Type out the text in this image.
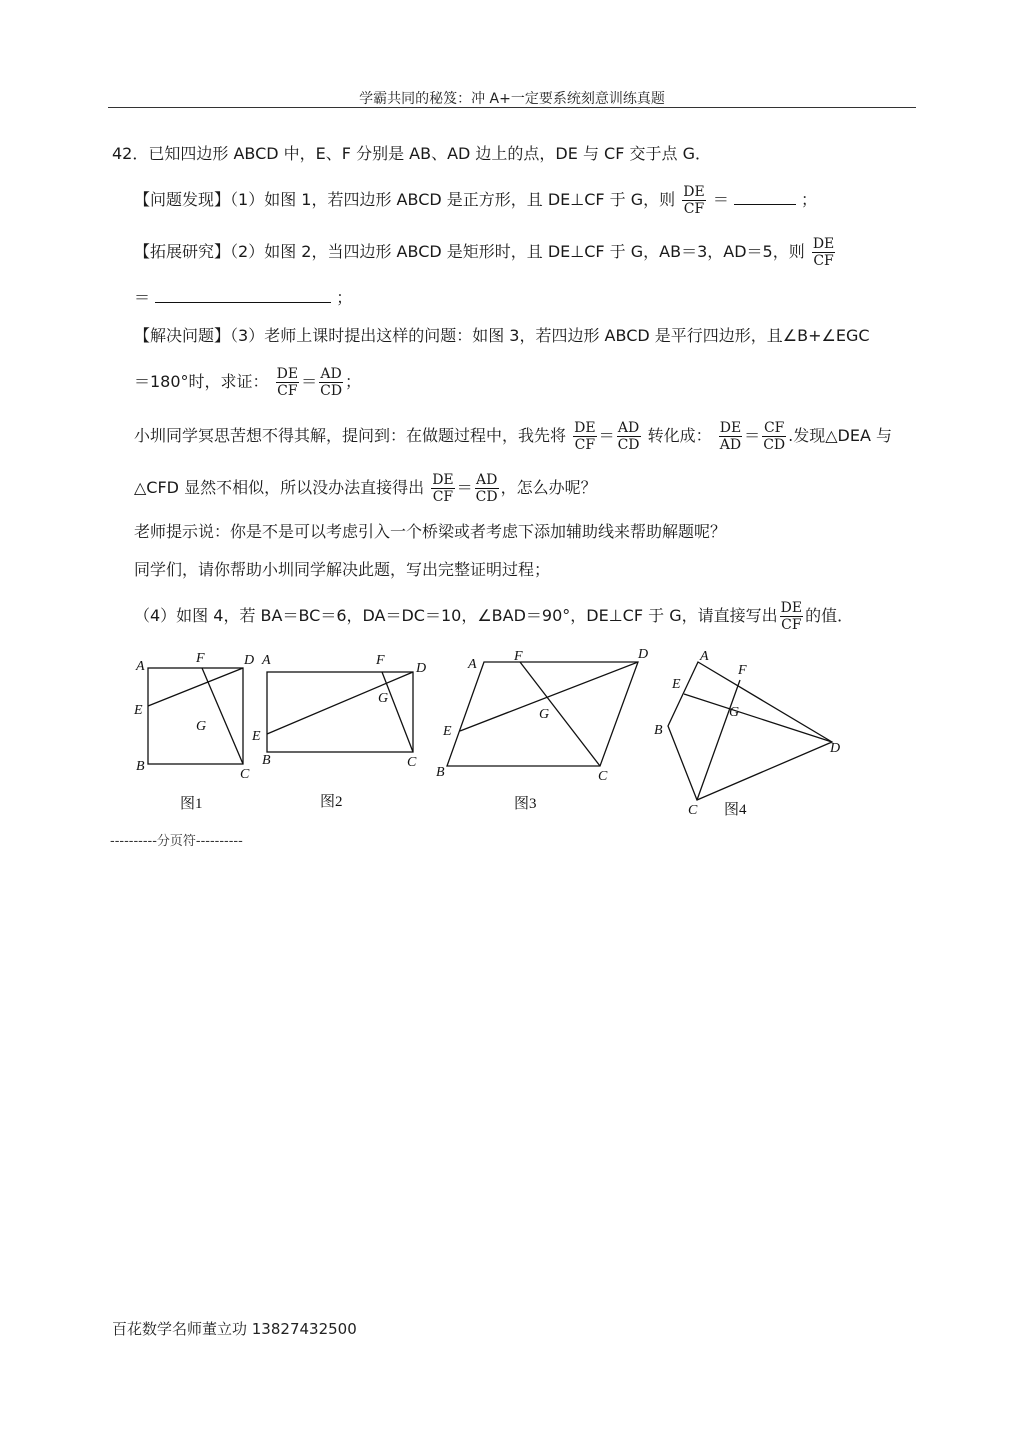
学霸共同的秘笈：冲 A+一定要系统刻意训练真题
42．已知四边形 ABCD 中，E、F 分别是 AB、AD 边上的点，DE 与 CF 交于点 G．
【问题发现】（1）如图 1，若四边形 ABCD 是正方形，且 DE⊥CF 于 G，则 $\frac{DE}{CF}$ ＝	；
【拓展研究】（2）如图 2，当四边形 ABCD 是矩形时，且 DE⊥CF 于 G，AB＝3，AD＝5，则 $\frac{DE}{CF}$
＝	；
【解决问题】（3）老师上课时提出这样的问题：如图 3，若四边形 ABCD 是平行四边形，且∠B+∠EGC
＝180°时，求证： $\frac{DE}{CF} = \frac{AD}{CD}$ ；
小圳同学冥思苦想不得其解，提问到：在做题过程中，我先将 $\frac{DE}{CF} = \frac{AD}{CD}$ 转化成： $\frac{DE}{AD} = \frac{CF}{CD}$ .发现△DEA 与
△CFD 显然不相似，所以没办法直接得出 $\frac{DE}{CF} = \frac{AD}{CD}$ ，怎么办呢？
老师提示说：你是不是可以考虑引入一个桥梁或者考虑下添加辅助线来帮助解题呢？
同学们，请你帮助小圳同学解决此题，写出完整证明过程；
（4）如图 4，若 BA＝BC＝6，DA＝DC＝10，∠BAD＝90°，DE⊥CF 于 G，请直接写出 $\frac{DE}{CF}$ 的值．
A
F	D
E
G
B
C
图1
A	F
D
E
G
B	C
图2
A
F	D
E
G
B	C
图3
A
F
E
G
B
D
C 图4
----------分页符----------
百花数学名师董立功 13827432500
